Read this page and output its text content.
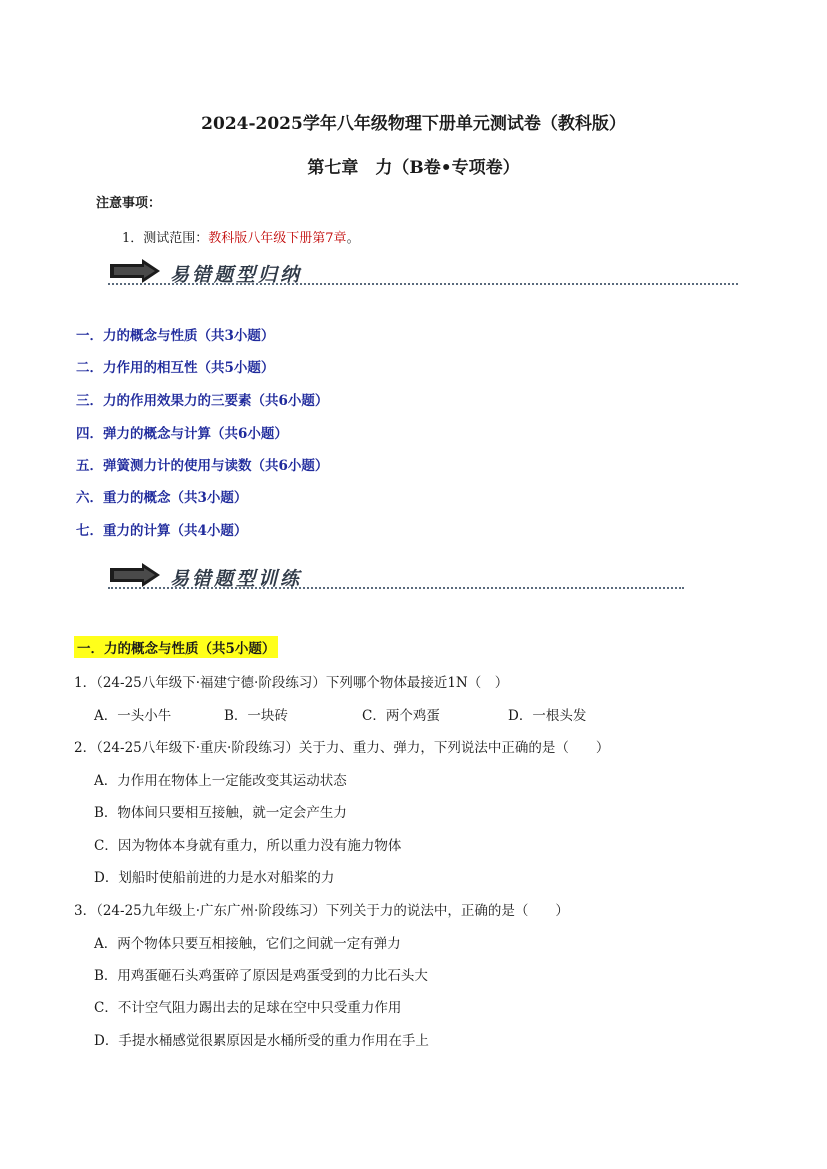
2024-2025学年八年级物理下册单元测试卷（教科版）
第七章　力（B卷•专项卷）
注意事项：
1．测试范围：教科版八年级下册第7章。
易错题型归纳
一．力的概念与性质（共3小题）
二．力作用的相互性（共5小题）
三．力的作用效果力的三要素（共6小题）
四．弹力的概念与计算（共6小题）
五．弹簧测力计的使用与读数（共6小题）
六．重力的概念（共3小题）
七．重力的计算（共4小题）
易错题型训练
一．力的概念与性质（共5小题）
1．（24-25八年级下·福建宁德·阶段练习）下列哪个物体最接近1N（　）
A．一头小牛	B．一块砖	C．两个鸡蛋	D．一根头发
2．（24-25八年级下·重庆·阶段练习）关于力、重力、弹力，下列说法中正确的是（　　）
A．力作用在物体上一定能改变其运动状态
B．物体间只要相互接触，就一定会产生力
C．因为物体本身就有重力，所以重力没有施力物体
D．划船时使船前进的力是水对船桨的力
3．（24-25九年级上·广东广州·阶段练习）下列关于力的说法中，正确的是（　　）
A．两个物体只要互相接触，它们之间就一定有弹力
B．用鸡蛋砸石头鸡蛋碎了原因是鸡蛋受到的力比石头大
C．不计空气阻力踢出去的足球在空中只受重力作用
D．手提水桶感觉很累原因是水桶所受的重力作用在手上
